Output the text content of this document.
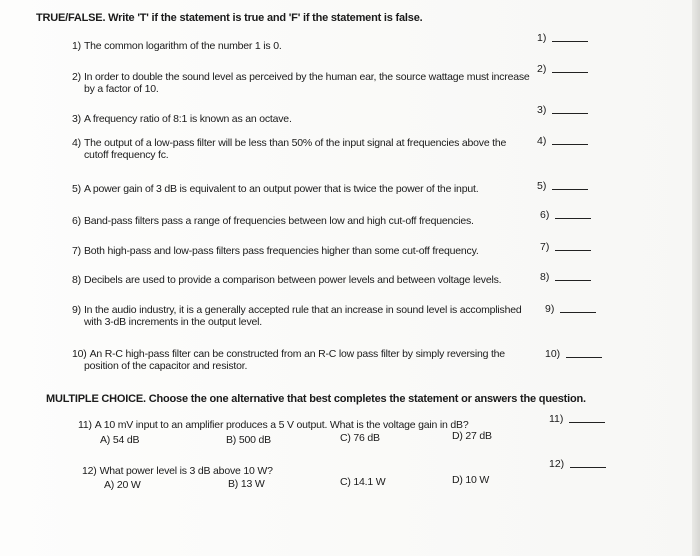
TRUE/FALSE. Write 'T' if the statement is true and 'F' if the statement is false.
1) The common logarithm of the number 1 is 0.
1)
2) In order to double the sound level as perceived by the human ear, the source wattage must increase
by a factor of 10.
2)
3) A frequency ratio of 8:1 is known as an octave.
3)
4) The output of a low-pass filter will be less than 50% of the input signal at frequencies above the
cutoff frequency fc.
4)
5) A power gain of 3 dB is equivalent to an output power that is twice the power of the input.	5)
6) Band-pass filters pass a range of frequencies between low and high cut-off frequencies.	6)
7) Both high-pass and low-pass filters pass frequencies higher than some cut-off frequency.	7)
8) Decibels are used to provide a comparison between power levels and between voltage levels.	8)
9) In the audio industry, it is a generally accepted rule that an increase in sound level is accomplished
with 3-dB increments in the output level.
9)
10) An R-C high-pass filter can be constructed from an R-C low pass filter by simply reversing the
position of the capacitor and resistor.
10)
MULTIPLE CHOICE. Choose the one alternative that best completes the statement or answers the question.
11) A 10 mV input to an amplifier produces a 5 V output. What is the voltage gain in dB?
A) 54 dB	B) 500 dB	C) 76 dB	D) 27 dB
11)
12) What power level is 3 dB above 10 W?
A) 20 W	B) 13 W	C) 14.1 W	D) 10 W
12)
